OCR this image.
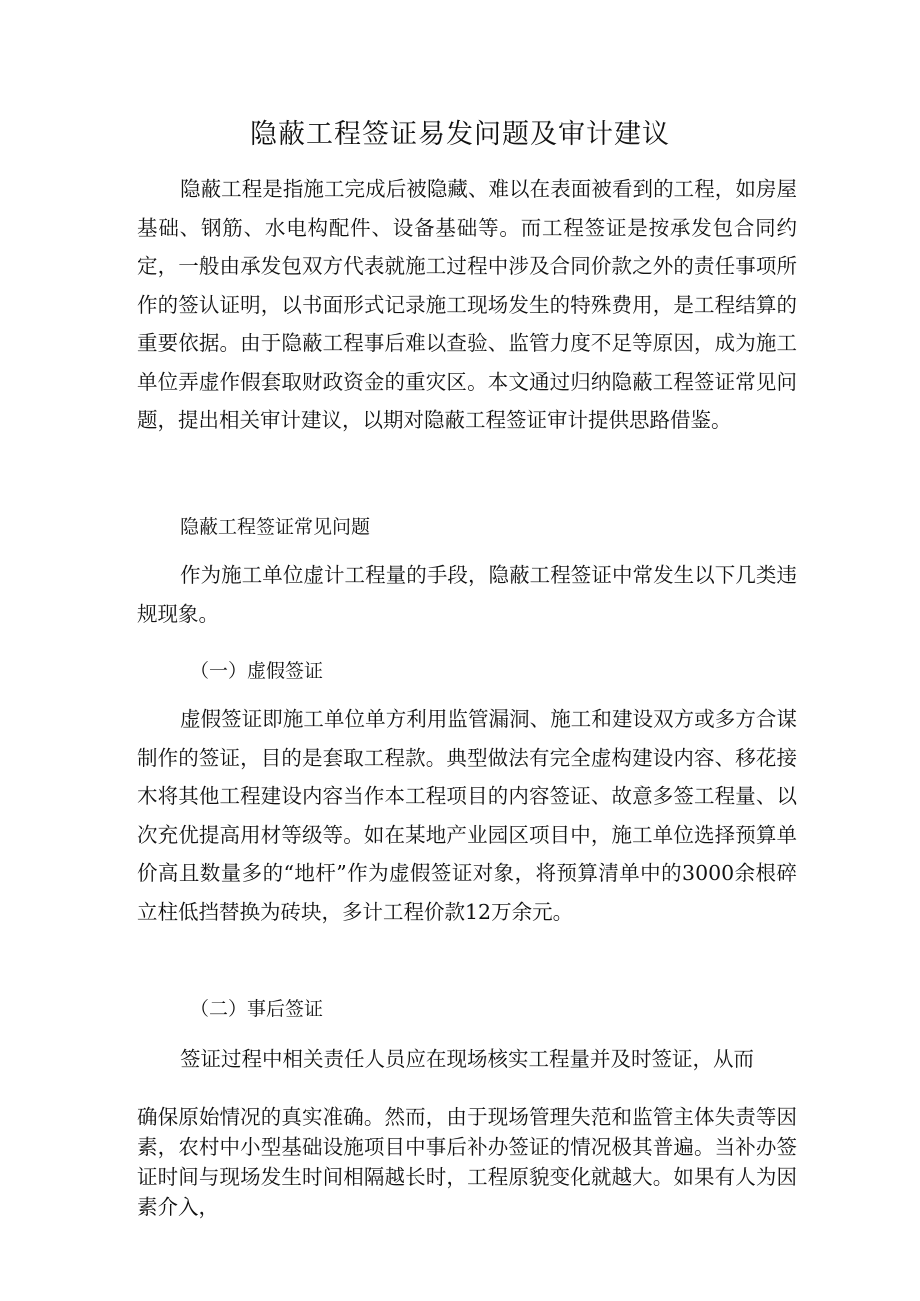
隐蔽工程签证易发问题及审计建议

隐蔽工程是指施工完成后被隐藏、难以在表面被看到的工程，如房屋基础、钢筋、水电构配件、设备基础等。而工程签证是按承发包合同约定，一般由承发包双方代表就施工过程中涉及合同价款之外的责任事项所作的签认证明，以书面形式记录施工现场发生的特殊费用，是工程结算的重要依据。由于隐蔽工程事后难以查验、监管力度不足等原因，成为施工单位弄虚作假套取财政资金的重灾区。本文通过归纳隐蔽工程签证常见问题，提出相关审计建议，以期对隐蔽工程签证审计提供思路借鉴。

隐蔽工程签证常见问题

作为施工单位虚计工程量的手段，隐蔽工程签证中常发生以下几类违规现象。

（一）虚假签证

虚假签证即施工单位单方利用监管漏洞、施工和建设双方或多方合谋制作的签证，目的是套取工程款。典型做法有完全虚构建设内容、移花接木将其他工程建设内容当作本工程项目的内容签证、故意多签工程量、以次充优提高用材等级等。如在某地产业园区项目中，施工单位选择预算单价高且数量多的“地杆”作为虚假签证对象，将预算清单中的3000余根碎立柱低挡替换为砖块，多计工程价款12万余元。

（二）事后签证

签证过程中相关责任人员应在现场核实工程量并及时签证，从而

确保原始情况的真实准确。然而，由于现场管理失范和监管主体失责等因素，农村中小型基础设施项目中事后补办签证的情况极其普遍。当补办签证时间与现场发生时间相隔越长时，工程原貌变化就越大。如果有人为因素介入，
